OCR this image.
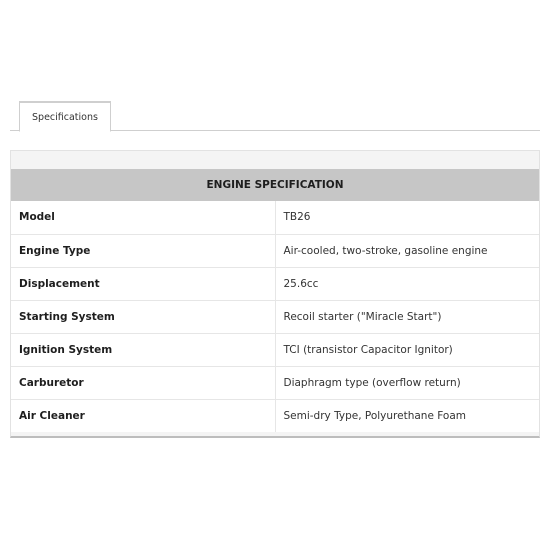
Specifications
ENGINE SPECIFICATION	
Model	TB26
Engine Type	Air-cooled, two-stroke, gasoline engine
Displacement	25.6cc
Starting System	Recoil starter ("Miracle Start")
Ignition System	TCI (transistor Capacitor Ignitor)
Carburetor	Diaphragm type (overflow return)
Air Cleaner	Semi-dry Type, Polyurethane Foam
